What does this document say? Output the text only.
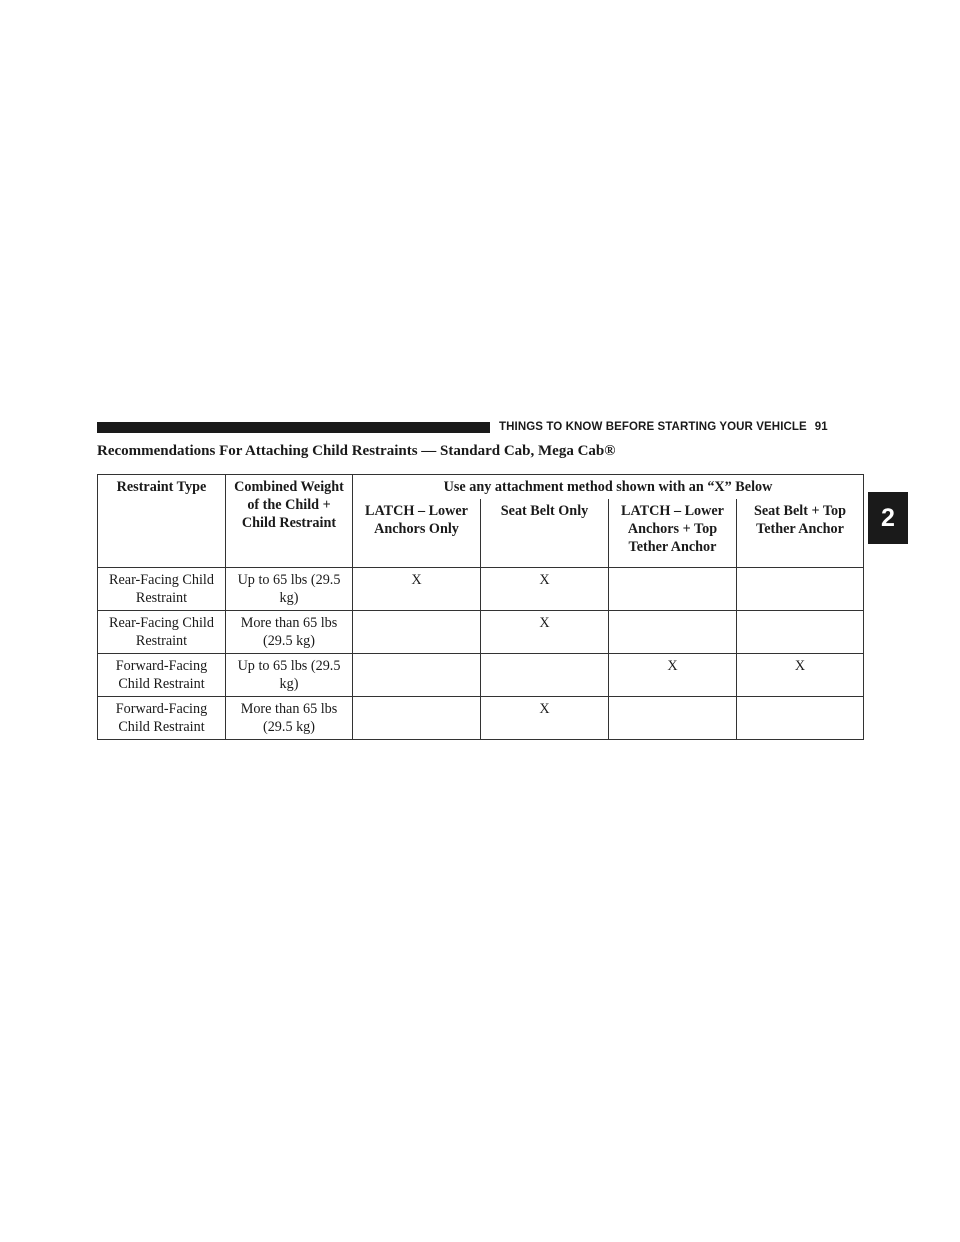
THINGS TO KNOW BEFORE STARTING YOUR VEHICLE 91
2
Recommendations For Attaching Child Restraints — Standard Cab, Mega Cab®
Restraint Type	Combined Weight of the Child + Child Restraint	Use any attachment method shown with an “X” Below			
		LATCH – Lower Anchors Only	Seat Belt Only	LATCH – Lower Anchors + Top Tether Anchor	Seat Belt + Top Tether Anchor
Rear-Facing Child Restraint	Up to 65 lbs (29.5 kg)	X	X		
Rear-Facing Child Restraint	More than 65 lbs (29.5 kg)		X		
Forward-Facing Child Restraint	Up to 65 lbs (29.5 kg)			X	X
Forward-Facing Child Restraint	More than 65 lbs (29.5 kg)		X		
